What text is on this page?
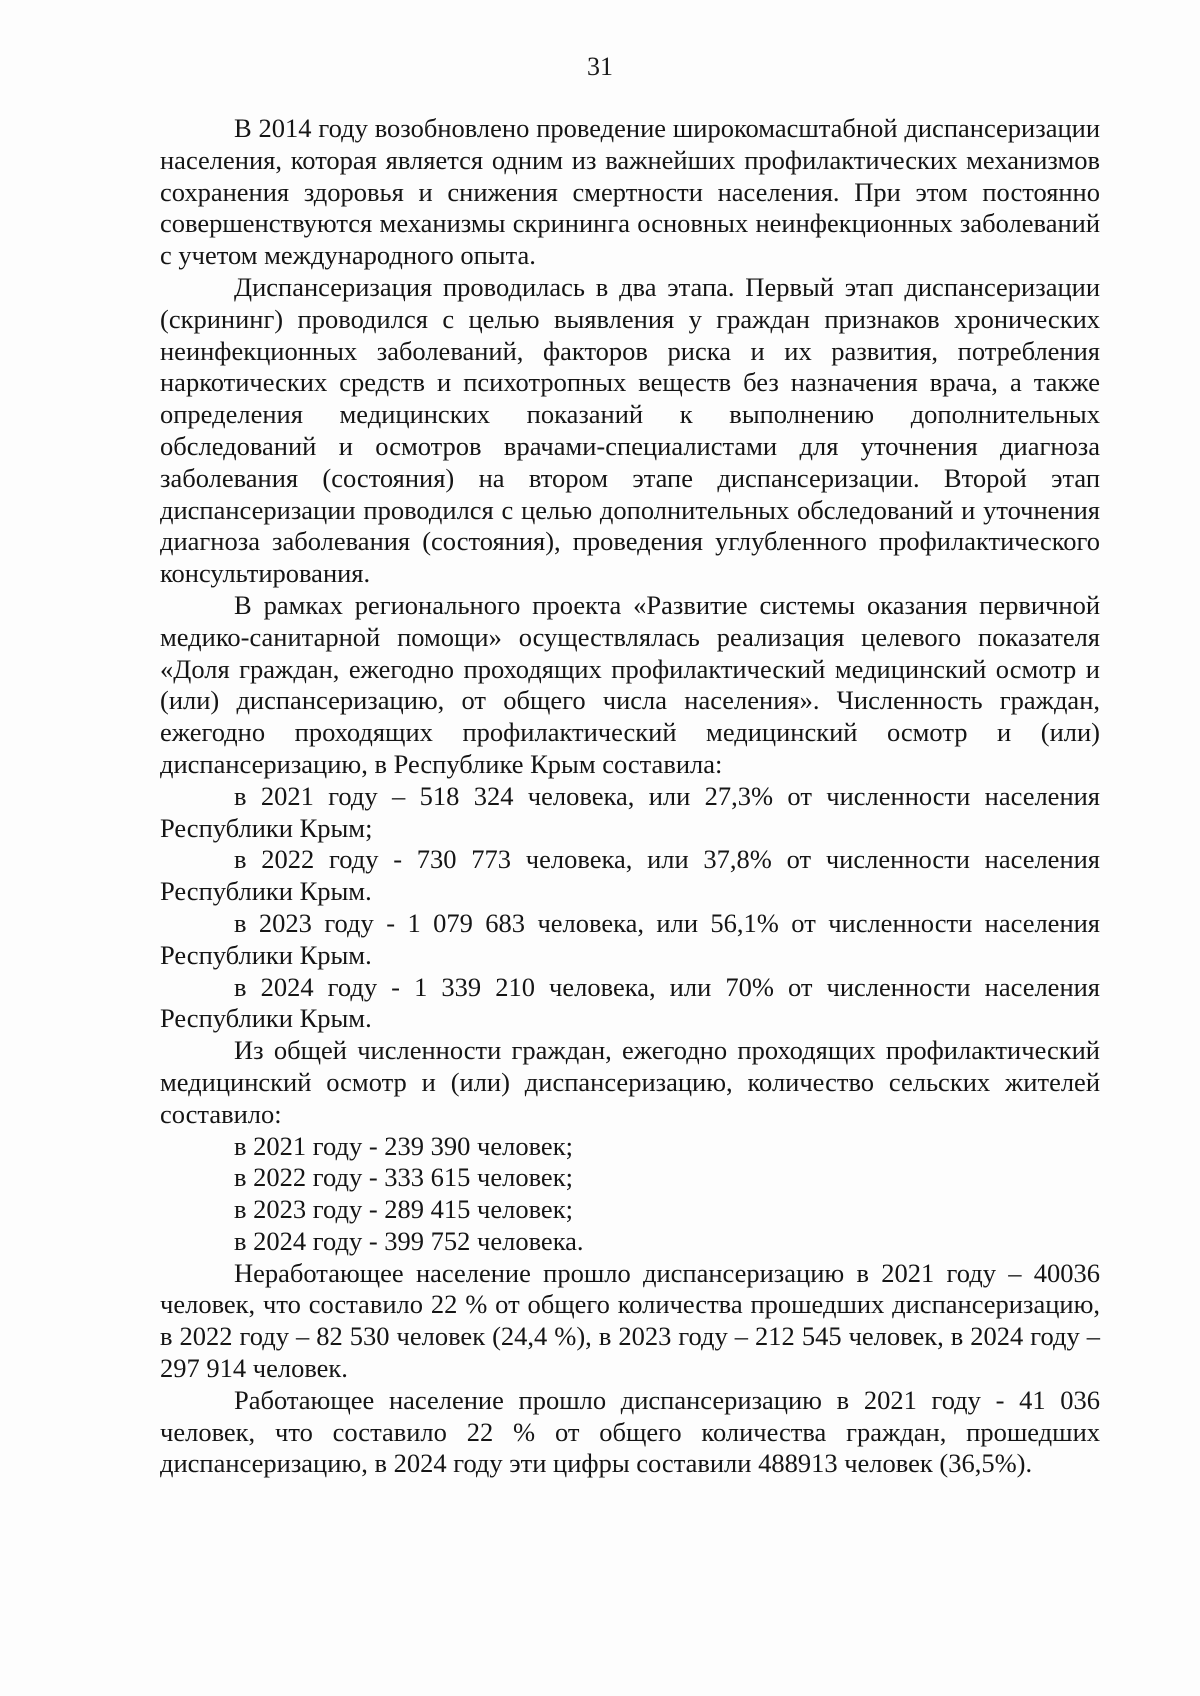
31

В 2014 году возобновлено проведение широкомасштабной диспансеризации населения, которая является одним из важнейших профилактических механизмов сохранения здоровья и снижения смертности населения. При этом постоянно совершенствуются механизмы скрининга основных неинфекционных заболеваний с учетом международного опыта.

Диспансеризация проводилась в два этапа. Первый этап диспансеризации (скрининг) проводился с целью выявления у граждан признаков хронических неинфекционных заболеваний, факторов риска и их развития, потребления наркотических средств и психотропных веществ без назначения врача, а также определения медицинских показаний к выполнению дополнительных обследований и осмотров врачами-специалистами для уточнения диагноза заболевания (состояния) на втором этапе диспансеризации. Второй этап диспансеризации проводился с целью дополнительных обследований и уточнения диагноза заболевания (состояния), проведения углубленного профилактического консультирования.

В рамках регионального проекта «Развитие системы оказания первичной медико-санитарной помощи» осуществлялась реализация целевого показателя «Доля граждан, ежегодно проходящих профилактический медицинский осмотр и (или) диспансеризацию, от общего числа населения». Численность граждан, ежегодно проходящих профилактический медицинский осмотр и (или) диспансеризацию, в Республике Крым составила:

в 2021 году – 518 324 человека, или 27,3% от численности населения Республики Крым;

в 2022 году - 730 773 человека, или 37,8% от численности населения Республики Крым.

в 2023 году - 1 079 683 человека, или 56,1% от численности населения Республики Крым.

в 2024 году - 1 339 210 человека, или 70% от численности населения Республики Крым.

Из общей численности граждан, ежегодно проходящих профилактический медицинский осмотр и (или) диспансеризацию, количество сельских жителей составило:

в 2021 году - 239 390 человек;

в 2022 году - 333 615 человек;

в 2023 году - 289 415 человек;

в 2024 году - 399 752 человека.

Неработающее население прошло диспансеризацию в 2021 году – 40036 человек, что составило 22 % от общего количества прошедших диспансеризацию, в 2022 году – 82 530 человек (24,4 %), в 2023 году – 212 545 человек, в 2024 году – 297 914 человек.

Работающее население прошло диспансеризацию в 2021 году - 41 036 человек, что составило 22 % от общего количества граждан, прошедших диспансеризацию, в 2024 году эти цифры составили 488913 человек (36,5%).
